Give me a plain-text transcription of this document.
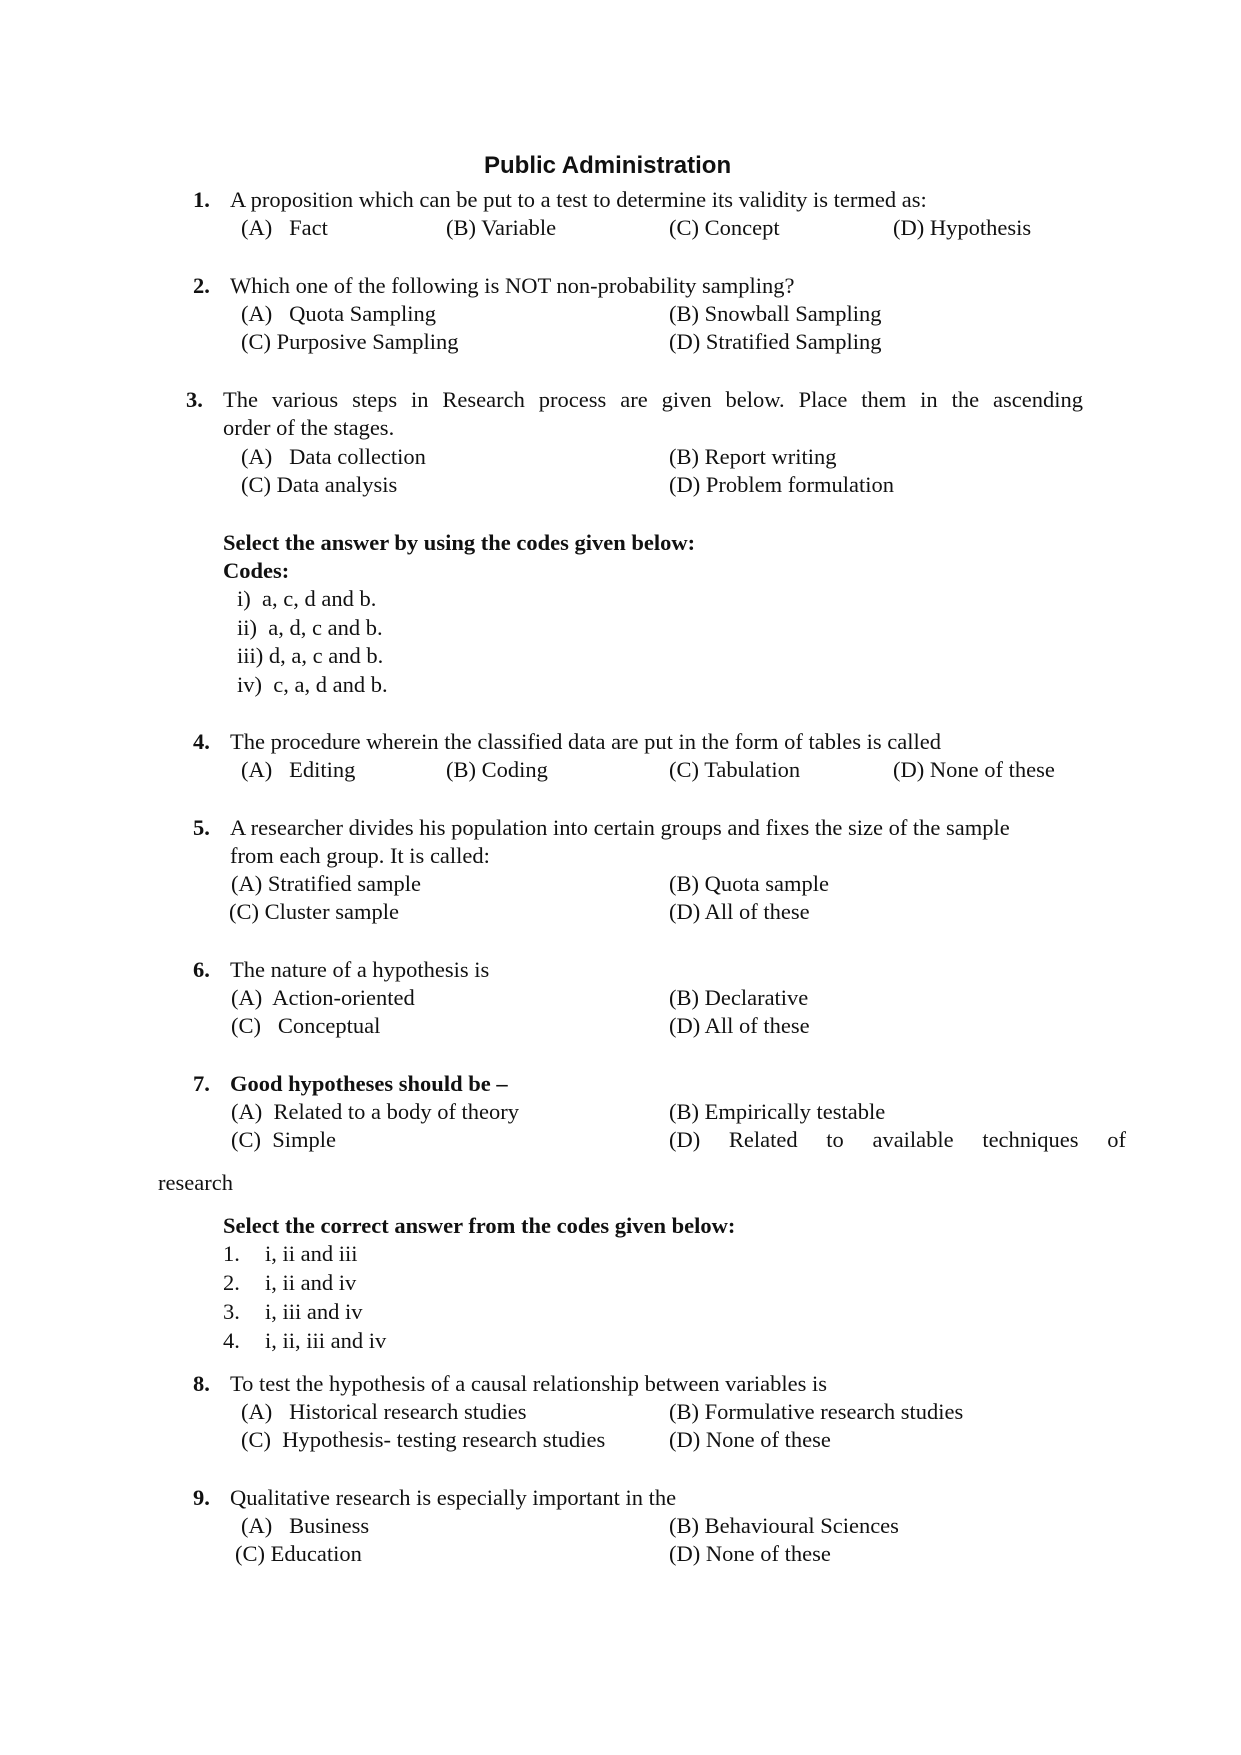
Public Administration
1. A proposition which can be put to a test to determine its validity is termed as:
(A)   Fact	(B) Variable	(C) Concept	(D) Hypothesis
2. Which one of the following is NOT non-probability sampling?
(A)   Quota Sampling	(B) Snowball Sampling
(C) Purposive Sampling	(D) Stratified Sampling
3. The various steps in Research process are given below. Place them in the ascending
order of the stages.
(A)   Data collection	(B) Report writing
(C) Data analysis	(D) Problem formulation
Select the answer by using the codes given below:
Codes:
i)  a, c, d and b.
ii)  a, d, c and b.
iii) d, a, c and b.
iv)  c, a, d and b.
4. The procedure wherein the classified data are put in the form of tables is called
(A)   Editing	(B) Coding	(C) Tabulation	(D) None of these
5. A researcher divides his population into certain groups and fixes the size of the sample
from each group. It is called:
(A) Stratified sample	(B) Quota sample
(C) Cluster sample	(D) All of these
6. The nature of a hypothesis is
(A)  Action-oriented	(B) Declarative
(C)   Conceptual	(D) All of these
7. Good hypotheses should be –
(A)  Related to a body of theory	(B) Empirically testable
(C)  Simple	(D) Related to available techniques of
research
Select the correct answer from the codes given below:
1. i, ii and iii
2. i, ii and iv
3. i, iii and iv
4. i, ii, iii and iv
8. To test the hypothesis of a causal relationship between variables is
(A)   Historical research studies	(B) Formulative research studies
(C)  Hypothesis- testing research studies	(D) None of these
9. Qualitative research is especially important in the
(A)   Business	(B) Behavioural Sciences
(C) Education	(D) None of these
